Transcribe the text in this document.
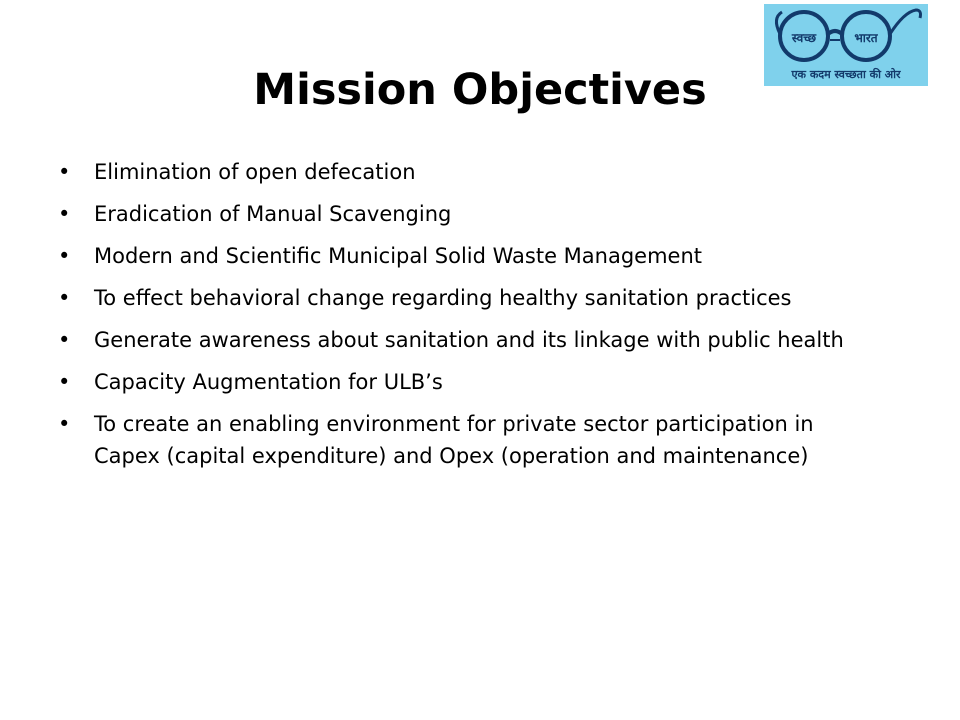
स्वच्छ	भारत
एक कदम स्वच्छता की ओर
Mission Objectives
•	Elimination of open defecation
•	Eradication of Manual Scavenging
•	Modern and Scientific Municipal Solid Waste Management
•	To effect behavioral change regarding healthy sanitation practices
•	Generate awareness about sanitation and its linkage with public health
•	Capacity Augmentation for ULB’s
•	To create an enabling environment for private sector participation in Capex (capital expenditure) and Opex (operation and maintenance)
